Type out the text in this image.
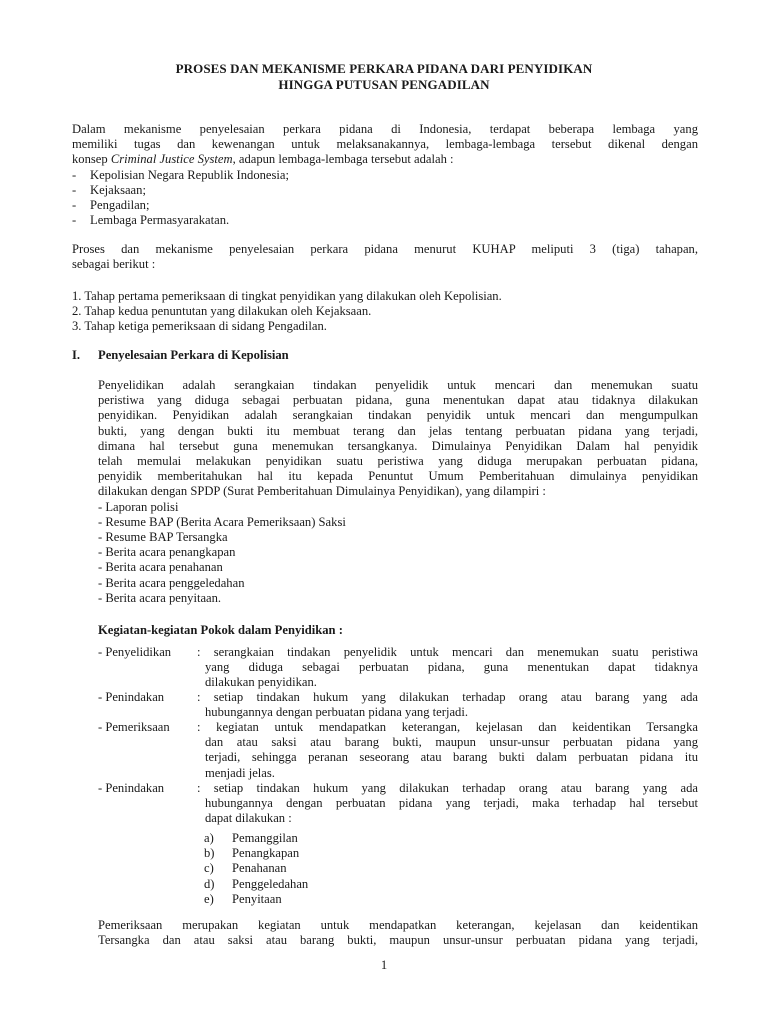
PROSES DAN MEKANISME PERKARA PIDANA DARI PENYIDIKAN
HINGGA PUTUSAN PENGADILAN
Dalam mekanisme penyelesaian perkara pidana di Indonesia, terdapat beberapa lembaga yang
memiliki tugas dan kewenangan untuk melaksanakannya, lembaga-lembaga tersebut dikenal dengan
konsep Criminal Justice System, adapun lembaga-lembaga tersebut adalah :
- Kepolisian Negara Republik Indonesia;
- Kejaksaan;
- Pengadilan;
- Lembaga Permasyarakatan.
Proses dan mekanisme penyelesaian perkara pidana menurut KUHAP meliputi 3 (tiga) tahapan,
sebagai berikut :
1. Tahap pertama pemeriksaan di tingkat penyidikan yang dilakukan oleh Kepolisian.
2. Tahap kedua penuntutan yang dilakukan oleh Kejaksaan.
3. Tahap ketiga pemeriksaan di sidang Pengadilan.
I. Penyelesaian Perkara di Kepolisian
Penyelidikan adalah serangkaian tindakan penyelidik untuk mencari dan menemukan suatu
peristiwa yang diduga sebagai perbuatan pidana, guna menentukan dapat atau tidaknya dilakukan
penyidikan. Penyidikan adalah serangkaian tindakan penyidik untuk mencari dan mengumpulkan
bukti, yang dengan bukti itu membuat terang dan jelas tentang perbuatan pidana yang terjadi,
dimana hal tersebut guna menemukan tersangkanya. Dimulainya Penyidikan Dalam hal penyidik
telah memulai melakukan penyidikan suatu peristiwa yang diduga merupakan perbuatan pidana,
penyidik memberitahukan hal itu kepada Penuntut Umum Pemberitahuan dimulainya penyidikan
dilakukan dengan SPDP (Surat Pemberitahuan Dimulainya Penyidikan), yang dilampiri :
- Laporan polisi
- Resume BAP (Berita Acara Pemeriksaan) Saksi
- Resume BAP Tersangka
- Berita acara penangkapan
- Berita acara penahanan
- Berita acara penggeledahan
- Berita acara penyitaan.
Kegiatan-kegiatan Pokok dalam Penyidikan :
- Penyelidikan : serangkaian tindakan penyelidik untuk mencari dan menemukan suatu peristiwa
yang diduga sebagai perbuatan pidana, guna menentukan dapat tidaknya
dilakukan penyidikan.
- Penindakan	: setiap tindakan hukum yang dilakukan terhadap orang atau barang yang ada
hubungannya dengan perbuatan pidana yang terjadi.
- Pemeriksaan : kegiatan untuk mendapatkan keterangan, kejelasan dan keidentikan Tersangka
dan atau saksi atau barang bukti, maupun unsur-unsur perbuatan pidana yang
terjadi, sehingga peranan seseorang atau barang bukti dalam perbuatan pidana itu
menjadi jelas.
- Penindakan	: setiap tindakan hukum yang dilakukan terhadap orang atau barang yang ada
hubungannya dengan perbuatan pidana yang terjadi, maka terhadap hal tersebut
dapat dilakukan :
a) Pemanggilan
b) Penangkapan
c) Penahanan
d) Penggeledahan
e) Penyitaan
Pemeriksaan merupakan kegiatan untuk mendapatkan keterangan, kejelasan dan keidentikan
Tersangka dan atau saksi atau barang bukti, maupun unsur-unsur perbuatan pidana yang terjadi,
1
